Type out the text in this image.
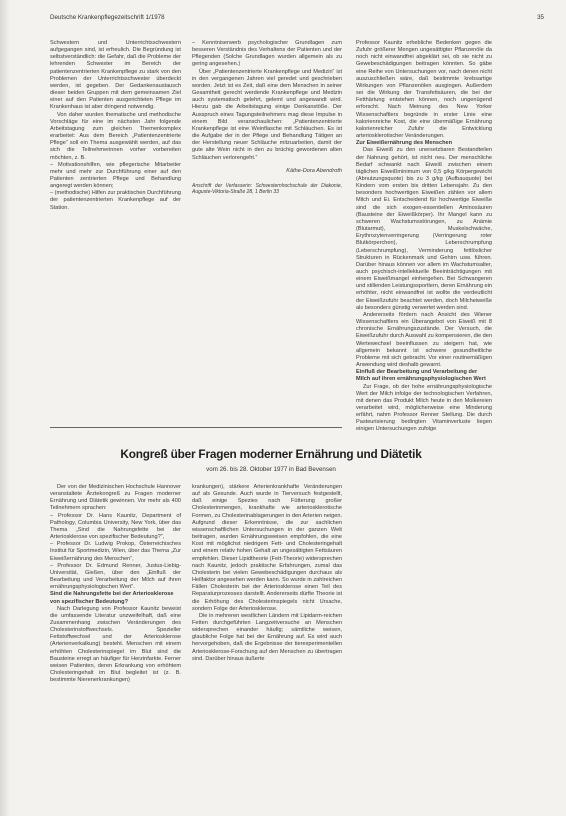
Deutsche Krankenpflegezeitschrift 1/1978	35

Schwestern und Unterrichtsschwestern aufgegangen sind, ist erfreulich. Die Begründung ist selbstverständlich: die Gefahr, daß die Probleme der lehrenden Schwester im Bereich der patientenzentrierten Krankenpflege zu stark von den Problemen der Unterrichtsschwester überdeckt werden, ist gegeben. Der Gedankenaustausch dieser beiden Gruppen mit dem gemeinsamen Ziel einer auf den Patienten ausgerichteten Pflege im Krankenhaus ist aber dringend notwendig.

Von daher wurden thematische und methodische Vorschläge für eine im nächsten Jahr folgende Arbeitstagung zum gleichen Themenkomplex erarbeitet: Aus dem Bereich „Patientenzentrierte Pflege“ soll ein Thema ausgewählt werden, auf das sich die Teilnehmerinnen vorher vorbereiten möchten, z. B.

– Motivationshilfen, wie pflegerische Mitarbeiter mehr und mehr zur Durchführung einer auf den Patienten zentrierten Pflege und Behandlung angeregt werden können;

– (methodische) Hilfen zur praktischen Durchführung der patientenzentrierten Krankenpflege auf der Station.

– Kenntniserwerb psychologischer Grundlagen zum besseren Verständnis des Verhaltens der Patienten und der Pflegenden (Solche Grundlagen wurden allgemein als zu gering angesehen.)

Über „Patientenzentrierte Krankenpflege und Medizin“ ist in den vergangenen Jahren viel geredet und geschrieben worden. Jetzt ist es Zeit, daß eine dem Menschen in seiner Gesamtheit gerecht werdende Krankenpflege und Medizin auch systematisch gelehrt, gelernt und angewandt wird. Hierzu gab die Arbeitstagung einige Denkanstöße. Der Ausspruch eines Tagungsteilnehmers mag diese Impulse in einem Bild veranschaulichen: „Patientenzentrierte Krankenpflege ist eine Weinflasche mit Schläuchen. Es ist die Aufgabe der in der Pflege und Behandlung Tätigen an der Herstellung neuer Schläuche mitzuarbeiten, damit der gute alte Wein nicht in den zu brüchig gewordenen alten Schläuchen verlorengeht.“

Käthe-Dora Abendroth

Anschrift der Verfasserin: Schwesternhochschule der Diakonie, Auguste-Viktoria-Straße 28, 1 Berlin 33

Kongreß über Fragen moderner Ernährung und Diätetik
vom 26. bis 28. Oktober 1977 in Bad Bevensen

Der von der Medizinischen Hochschule Hannover veranstaltete Ärztekongreß zu Fragen moderner Ernährung und Diätetik gewinnen. Vor mehr als 400 Teilnehmern sprachen:

– Professor Dr. Hans Kaunitz, Department of Pathology, Columbia University, New York, über das Thema „Sind die Nahrungsfette bei der Arteriosklerose von spezifischer Bedeutung?“,

– Professor Dr. Ludwig Prokop, Österreichisches Institut für Sportmedizin, Wien, über das Thema „Zur Eiweißernährung des Menschen“,

– Professor Dr. Edmund Renner, Justus-Liebig-Universität, Gießen, über den „Einfluß der Bearbeitung und Verarbeitung der Milch auf ihren ernährungsphysiologischen Wert“.

Sind die Nahrungsfette bei der Arteriosklerose von spezifischer Bedeutung?

Nach Darlegung von Professor Kaunitz beweist die umfassende Literatur unzweifelhaft, daß eine Zusammenhang zwischen Veränderungen des Cholesterinstoffwechsels. Spezieller Fettstoffwechsel und der Arteriosklerose (Arterienverkalkung) besteht. Menschen mit einem erhöhten Cholesterinspiegel im Blut sind die Bausteine erregt an häufiger für Herzinfarkte. Ferner weisen Patienten, deren Erkrankung von erhöhtem Cholesteringehalt im Blut begleitet ist (z. B. bestimmte Nierenerkrankungen)

krankungen), stärkere Arterienkrankhafte Veränderungen auf als Gesunde. Auch wurde in Tierversuch festgestellt, daß einige Spezies nach Fütterung großer Cholesterinmengen, krankhafte wie arteriosklerotische Formen, zu Cholesterinablagerungen in den Arterien neigen. Aufgrund dieser Erkenntnisse, die zur sachlichen wissenschaftlichen Untersuchungen in der ganzen Welt beitragen, wurden Ernährungsweisen empfohlen, die eine Kost mit möglichst niedrigem Fett- und Cholesteringehalt und einem relativ hohen Gehalt an ungesättigten Fettsäuren empfehlen. Dieser Lipidtheorie (Fett-Theorie) widersprechen nach Kaunitz, jedoch praktische Erfahrungen, zumal das Cholesterin bei vielen Gewebeschädigungen durchaus als Heilfaktor angesehen werden kann. So wurde in zahlreichen Fällen Cholesterin bei der Arteriosklerose einen Teil des Reparaturprozesses darstellt. Andererseits dürfte Theorie ist die Erhöhung des Cholesterinspiegels nicht Ursache, sondern Folge der Arteriosklerose.

Die in mehreren westlichen Ländern mit Lipidarm-reichen Fetten durchgeführten Langzeitversuche an Menschen widersprechen einander häufig; sämtliche weisen, glaubliche Folge hat bei der Ernährung auf. Es wird auch hervorgehoben, daß die Ergebnisse der tierexperimentellen Arteriosklerose-Forschung auf den Menschen zu übertragen sind. Darüber hinaus äußerte

Professor Kaunitz erhebliche Bedenken gegen die Zufuhr größerer Mengen ungesättigter Pflanzenöle da noch nicht einwandfrei abgeklärt sei, ob sie nicht zu Gewebeschädigungen beitragen könnten. So gäbe eine Reihe von Untersuchungen vor, nach denen nicht auszuschließen wäre, daß bestimmte krebsartige Wirkungen von Pflanzenölen ausgingen. Außerdem sei die Wirkung der Transfettsäuren, die bei der Fetthärtung entstehen können, noch ungenügend erforscht. Nach Meinung des New Yorker Wissenschaftlers begründe in erster Linie eine kalorienreiche Kost, die eine übermäßige Ernährung kalorienreicher Zufuhr die Entwicklung arteriosklerotischer Veränderungen.

Zur Eiweißernährung des Menschen

Das Eiweiß zu den unersetzbaren Bestandteilen der Nahrung gehört, ist nicht neu. Der menschliche Bedarf schwankt nach Eiweiß zwischen einem täglichen Eiweißminimum von 0,5 g/kg Körpergewicht (Abnutzungsquote) bis zu 3 g/kg (Aufbauquote) bei Kindern vom ersten bis dritten Lebensjahr. Zu den besonders hochwertigen Eiweißen zählen vor allem Milch und Ei. Entscheidend für hochwertige Eiweiße sind die sich exogen-essentiellen Aminosäuren (Bausteine der Eiweißkörper). Ihr Mangel kann zu schweren Wachstumsstörungen, zu Anämie (Blutarmut), Muskelschwäche, Erythrozytenverringerung (Verringerung roter Blutkörperchen), Leberschrumpfung (Leberschrumpfung), Verminderung fettlöslicher Strukturen in Rückenmark und Gehirn usw. führen. Darüber hinaus können vor allem im Wachstumsalter, auch psychisch-intellektuelle Beeinträchtigungen mit einem Eiweißmangel einhergehen. Bei Schwangeren und stillenden Leistungssportlern, deren Ernährung ein erhöhter, nicht einwandfrei ist wollte die verdeutlicht der Eiweißzufuhr beachtet werden, doch Milcheiweiße als besonders günstig verwertet werden sind.

Andererseits fördern nach Ansicht des Wiener Wissenschaftlers ein Überangebot von Eiweiß mit 8 chronische Ernährungszustände. Der Versuch, die Eiweißzufuhr durch Auswahl zu kompensieren, die den Wertewechsel beeinflussen zu steigern hat, wie allgemein bekannt ist schwere gesundheitliche Probleme mit sich gebracht. Vor einer routinemäßigen Anwendung wird deshalb gewarnt.

Einfluß der Bearbeitung und Verarbeitung der Milch auf ihren ernährungsphysiologischen Wert

Zur Frage, ob der hohe ernährungsphysiologische Wert der Milch infolge der technologischen Verfahren, mit denen das Produkt Milch heute in den Molkereien verarbeitet wird, möglicherweise eine Minderung erfährt, nahm Professor Renner Stellung. Die durch Pasteurisierung bedingten Vitaminverluste liegen einigen Untersuchungen zufolge
